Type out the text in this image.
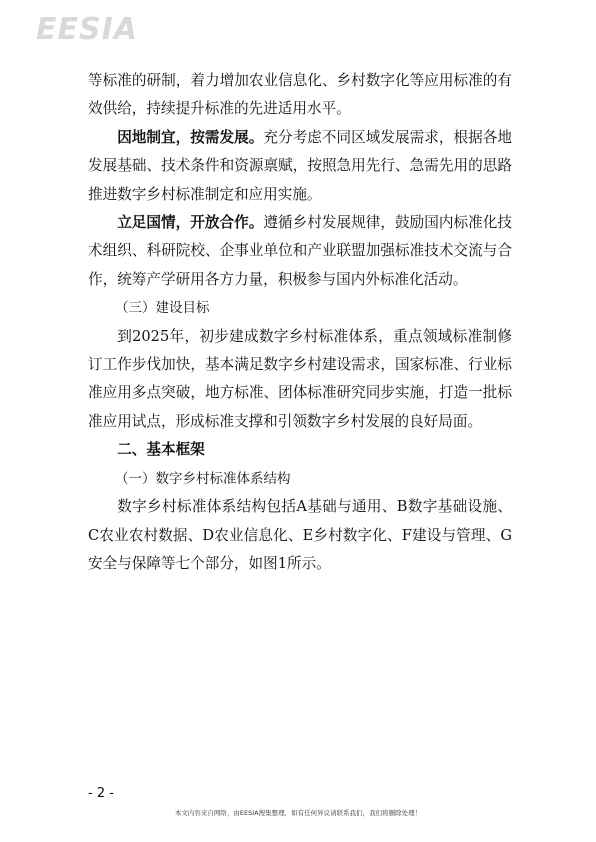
EESIA

等标准的研制，着力增加农业信息化、乡村数字化等应用标准的有效供给，持续提升标准的先进适用水平。

因地制宜，按需发展。充分考虑不同区域发展需求，根据各地发展基础、技术条件和资源禀赋，按照急用先行、急需先用的思路推进数字乡村标准制定和应用实施。

立足国情，开放合作。遵循乡村发展规律，鼓励国内标准化技术组织、科研院校、企事业单位和产业联盟加强标准技术交流与合作，统筹产学研用各方力量，积极参与国内外标准化活动。

（三）建设目标

到2025年，初步建成数字乡村标准体系，重点领域标准制修订工作步伐加快，基本满足数字乡村建设需求，国家标准、行业标准应用多点突破，地方标准、团体标准研究同步实施，打造一批标准应用试点，形成标准支撑和引领数字乡村发展的良好局面。

二、基本框架

（一）数字乡村标准体系结构

数字乡村标准体系结构包括A基础与通用、B数字基础设施、C农业农村数据、D农业信息化、E乡村数字化、F建设与管理、G安全与保障等七个部分，如图1所示。

- 2 -
本文内容来自网络，由EESIA搜集整理，如有任何异议请联系我们，我们将删除处理！
